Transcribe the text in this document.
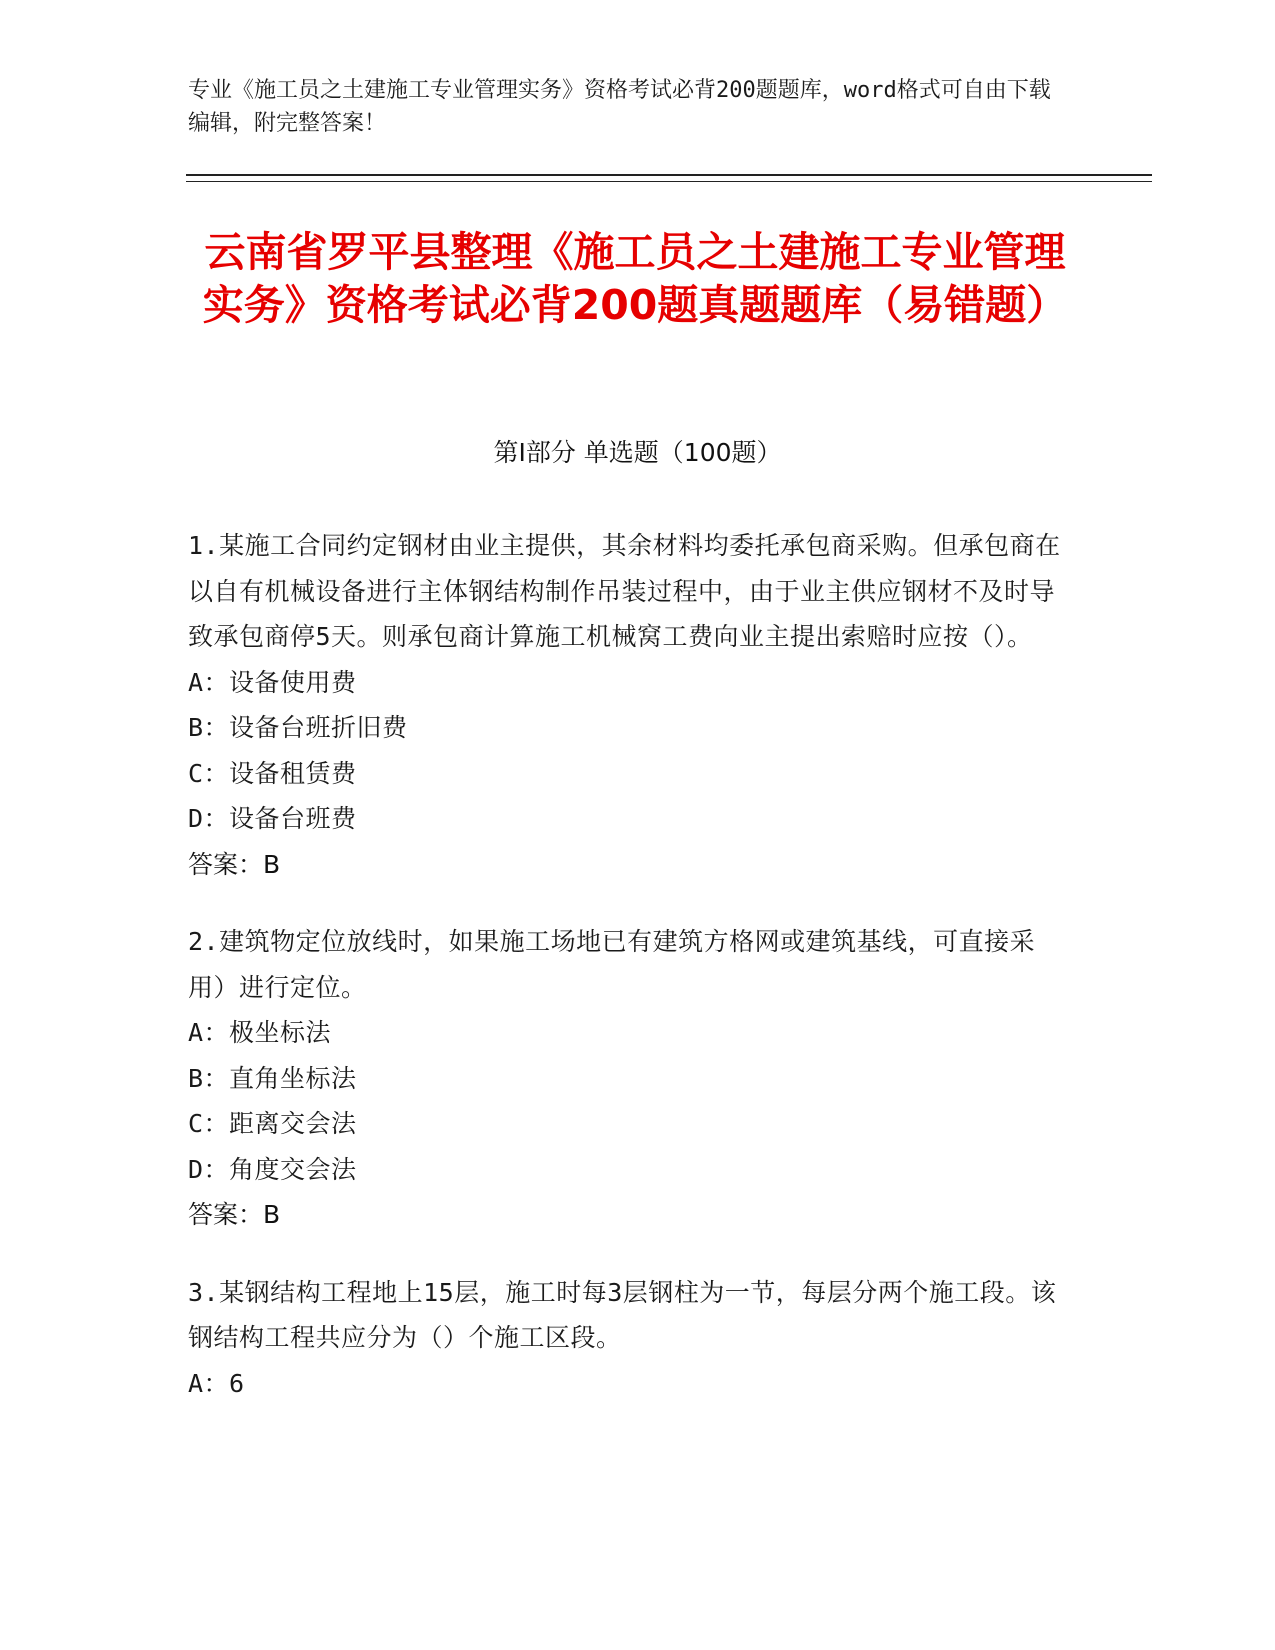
专业《施工员之土建施工专业管理实务》资格考试必背200题题库，word格式可自由下载编辑，附完整答案！
云南省罗平县整理《施工员之土建施工专业管理实务》资格考试必背200题真题题库（易错题）
第I部分 单选题（100题）

1.某施工合同约定钢材由业主提供，其余材料均委托承包商采购。但承包商在以自有机械设备进行主体钢结构制作吊装过程中，由于业主供应钢材不及时导致承包商停5天。则承包商计算施工机械窝工费向业主提出索赔时应按（）。

A：设备使用费

B：设备台班折旧费

C：设备租赁费

D：设备台班费

答案：B

2.建筑物定位放线时，如果施工场地已有建筑方格网或建筑基线，可直接采用）进行定位。

A：极坐标法

B：直角坐标法

C：距离交会法

D：角度交会法

答案：B

3.某钢结构工程地上15层，施工时每3层钢柱为一节，每层分两个施工段。该钢结构工程共应分为（）个施工区段。

A：6
